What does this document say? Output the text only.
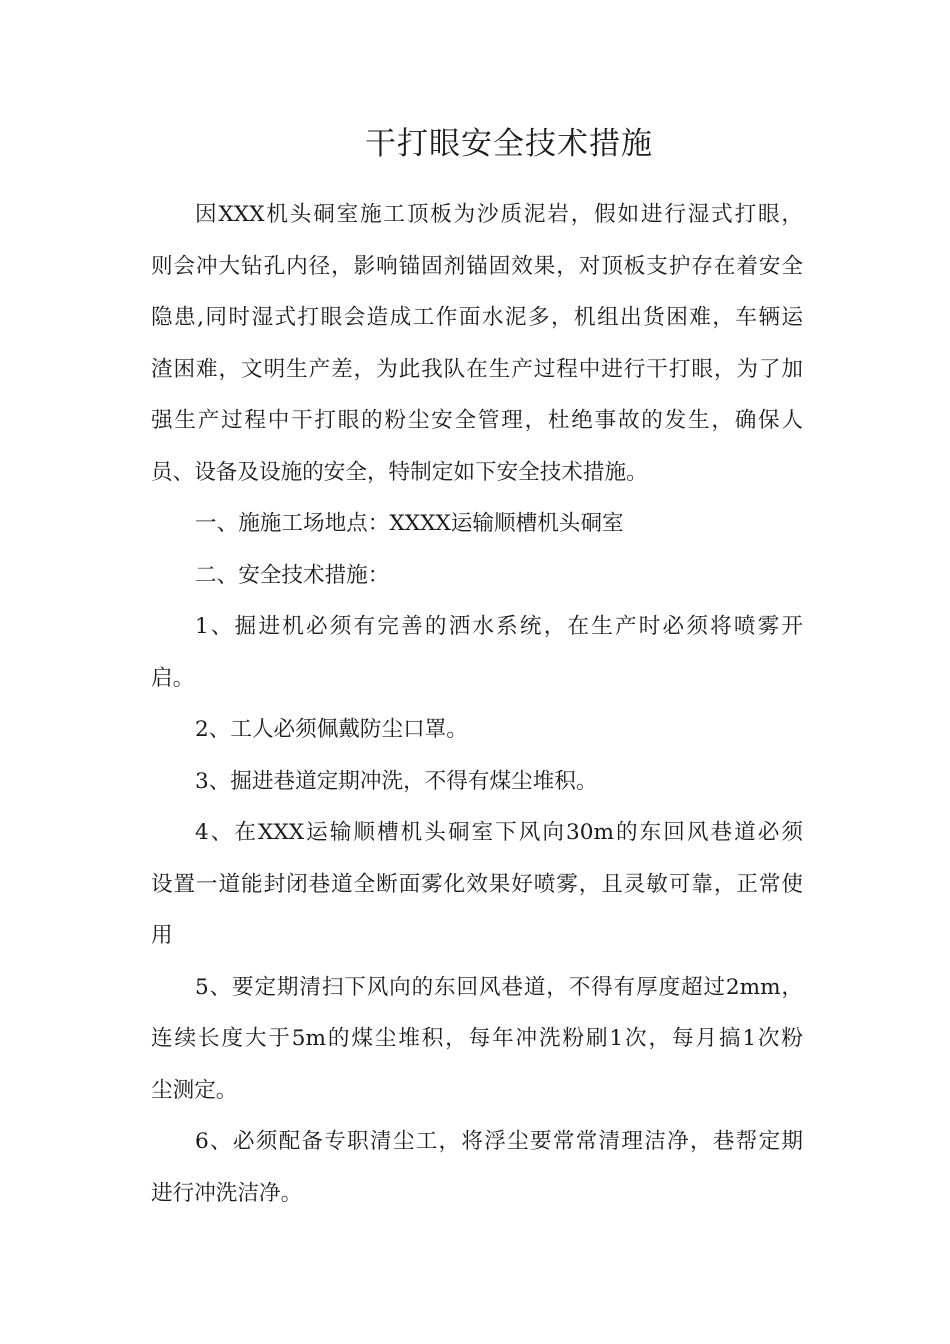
干打眼安全技术措施
因XXX机头硐室施工顶板为沙质泥岩，假如进行湿式打眼，
则会冲大钻孔内径，影响锚固剂锚固效果，对顶板支护存在着安全
隐患,同时湿式打眼会造成工作面水泥多，机组出货困难，车辆运
渣困难，文明生产差，为此我队在生产过程中进行干打眼，为了加
强生产过程中干打眼的粉尘安全管理，杜绝事故的发生，确保人
员、设备及设施的安全，特制定如下安全技术措施。
一、施施工场地点：XXXX运输顺槽机头硐室
二、安全技术措施：
1、掘进机必须有完善的洒水系统，在生产时必须将喷雾开
启。
2、工人必须佩戴防尘口罩。
3、掘进巷道定期冲洗，不得有煤尘堆积。
4、在XXX运输顺槽机头硐室下风向30m的东回风巷道必须
设置一道能封闭巷道全断面雾化效果好喷雾，且灵敏可靠，正常使
用
5、要定期清扫下风向的东回风巷道，不得有厚度超过2mm，
连续长度大于5m的煤尘堆积，每年冲洗粉刷1次，每月搞1次粉
尘测定。
6、必须配备专职清尘工，将浮尘要常常清理洁净，巷帮定期
进行冲洗洁净。
